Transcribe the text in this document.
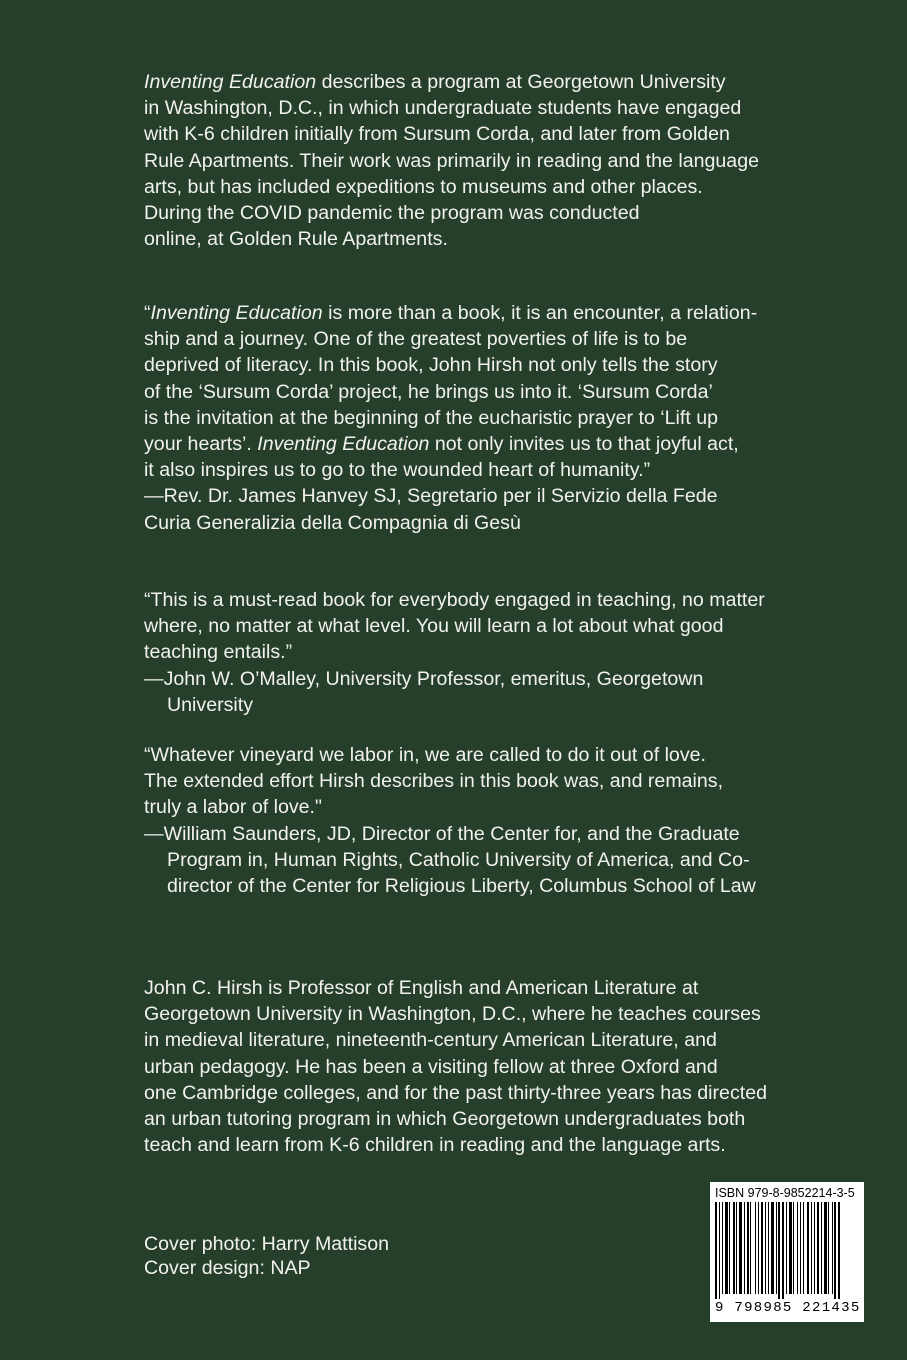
Inventing Education describes a program at Georgetown University
in Washington, D.C., in which undergraduate students have engaged
with K-6 children initially from Sursum Corda, and later from Golden
Rule Apartments. Their work was primarily in reading and the language
arts, but has included expeditions to museums and other places.
During the COVID pandemic the program was conducted
online, at Golden Rule Apartments.

“Inventing Education is more than a book, it is an encounter, a relation-
ship and a journey. One of the greatest poverties of life is to be
deprived of literacy. In this book, John Hirsh not only tells the story
of the ‘Sursum Corda’ project, he brings us into it. ‘Sursum Corda’
is the invitation at the beginning of the eucharistic prayer to ‘Lift up
your hearts’. Inventing Education not only invites us to that joyful act,
it also inspires us to go to the wounded heart of humanity.”

—Rev. Dr. James Hanvey SJ, Segretario per il Servizio della Fede
Curia Generalizia della Compagnia di Gesù

“This is a must-read book for everybody engaged in teaching, no matter
where, no matter at what level. You will learn a lot about what good
teaching entails.”

—John W. O’Malley, University Professor, emeritus, Georgetown
University

“Whatever vineyard we labor in, we are called to do it out of love.
The extended effort Hirsh describes in this book was, and remains,
truly a labor of love."

—William Saunders, JD, Director of the Center for, and the Graduate
Program in, Human Rights, Catholic University of America, and Co-
director of the Center for Religious Liberty, Columbus School of Law

John C. Hirsh is Professor of English and American Literature at
Georgetown University in Washington, D.C., where he teaches courses
in medieval literature, nineteenth-century American Literature, and
urban pedagogy. He has been a visiting fellow at three Oxford and
one Cambridge colleges, and for the past thirty-three years has directed
an urban tutoring program in which Georgetown undergraduates both
teach and learn from K-6 children in reading and the language arts.

Cover photo: Harry Mattison
Cover design: NAP
ISBN 979-8-9852214-3-5
9 798985 221435
